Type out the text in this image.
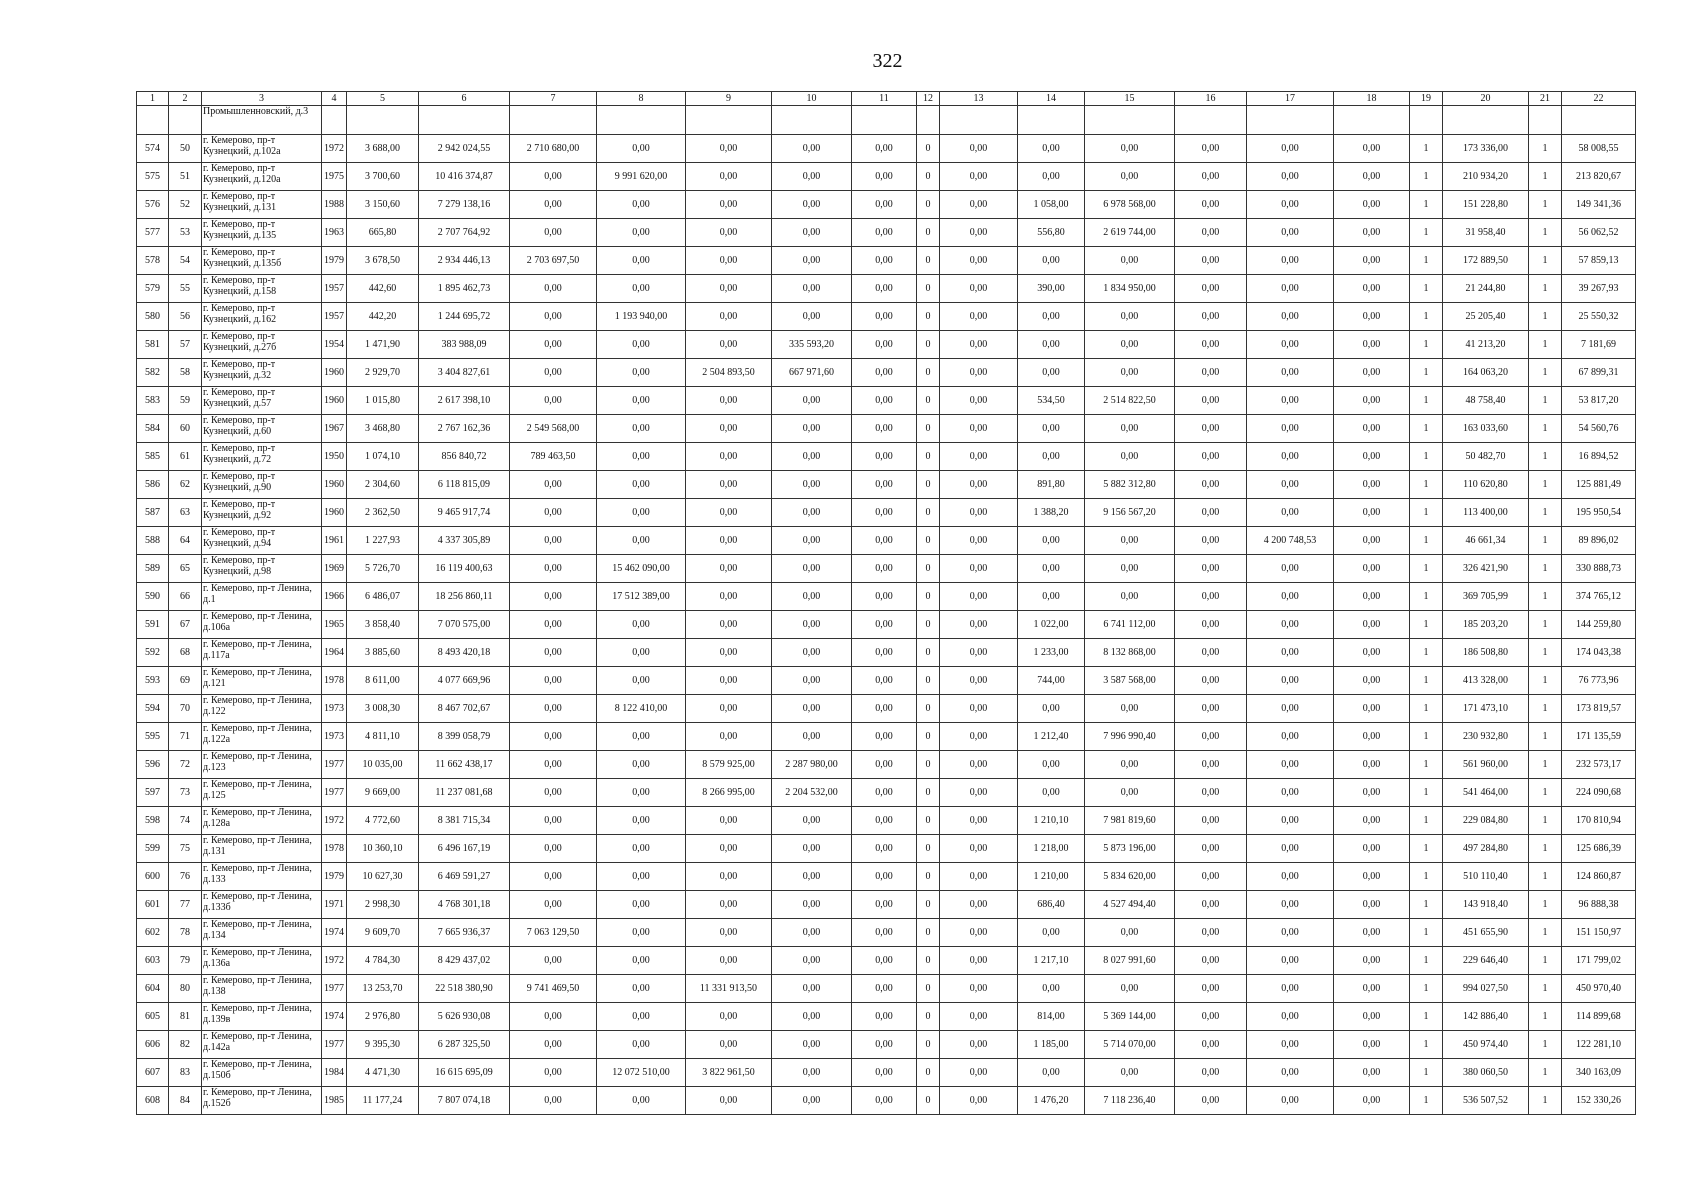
322
1	2	3	4	5	6	7	8	9	10	11	12	13	14	15	16	17	18	19	20	21	22
		Промышленновский, д.3																			
574	50	г. Кемерово, пр-т Кузнецкий, д.102а	1972	3 688,00	2 942 024,55	2 710 680,00	0,00	0,00	0,00	0,00	0	0,00	0,00	0,00	0,00	0,00	0,00	1	173 336,00	1	58 008,55
575	51	г. Кемерово, пр-т Кузнецкий, д.120а	1975	3 700,60	10 416 374,87	0,00	9 991 620,00	0,00	0,00	0,00	0	0,00	0,00	0,00	0,00	0,00	0,00	1	210 934,20	1	213 820,67
576	52	г. Кемерово, пр-т Кузнецкий, д.131	1988	3 150,60	7 279 138,16	0,00	0,00	0,00	0,00	0,00	0	0,00	1 058,00	6 978 568,00	0,00	0,00	0,00	1	151 228,80	1	149 341,36
577	53	г. Кемерово, пр-т Кузнецкий, д.135	1963	665,80	2 707 764,92	0,00	0,00	0,00	0,00	0,00	0	0,00	556,80	2 619 744,00	0,00	0,00	0,00	1	31 958,40	1	56 062,52
578	54	г. Кемерово, пр-т Кузнецкий, д.135б	1979	3 678,50	2 934 446,13	2 703 697,50	0,00	0,00	0,00	0,00	0	0,00	0,00	0,00	0,00	0,00	0,00	1	172 889,50	1	57 859,13
579	55	г. Кемерово, пр-т Кузнецкий, д.158	1957	442,60	1 895 462,73	0,00	0,00	0,00	0,00	0,00	0	0,00	390,00	1 834 950,00	0,00	0,00	0,00	1	21 244,80	1	39 267,93
580	56	г. Кемерово, пр-т Кузнецкий, д.162	1957	442,20	1 244 695,72	0,00	1 193 940,00	0,00	0,00	0,00	0	0,00	0,00	0,00	0,00	0,00	0,00	1	25 205,40	1	25 550,32
581	57	г. Кемерово, пр-т Кузнецкий, д.27б	1954	1 471,90	383 988,09	0,00	0,00	0,00	335 593,20	0,00	0	0,00	0,00	0,00	0,00	0,00	0,00	1	41 213,20	1	7 181,69
582	58	г. Кемерово, пр-т Кузнецкий, д.32	1960	2 929,70	3 404 827,61	0,00	0,00	2 504 893,50	667 971,60	0,00	0	0,00	0,00	0,00	0,00	0,00	0,00	1	164 063,20	1	67 899,31
583	59	г. Кемерово, пр-т Кузнецкий, д.57	1960	1 015,80	2 617 398,10	0,00	0,00	0,00	0,00	0,00	0	0,00	534,50	2 514 822,50	0,00	0,00	0,00	1	48 758,40	1	53 817,20
584	60	г. Кемерово, пр-т Кузнецкий, д.60	1967	3 468,80	2 767 162,36	2 549 568,00	0,00	0,00	0,00	0,00	0	0,00	0,00	0,00	0,00	0,00	0,00	1	163 033,60	1	54 560,76
585	61	г. Кемерово, пр-т Кузнецкий, д.72	1950	1 074,10	856 840,72	789 463,50	0,00	0,00	0,00	0,00	0	0,00	0,00	0,00	0,00	0,00	0,00	1	50 482,70	1	16 894,52
586	62	г. Кемерово, пр-т Кузнецкий, д.90	1960	2 304,60	6 118 815,09	0,00	0,00	0,00	0,00	0,00	0	0,00	891,80	5 882 312,80	0,00	0,00	0,00	1	110 620,80	1	125 881,49
587	63	г. Кемерово, пр-т Кузнецкий, д.92	1960	2 362,50	9 465 917,74	0,00	0,00	0,00	0,00	0,00	0	0,00	1 388,20	9 156 567,20	0,00	0,00	0,00	1	113 400,00	1	195 950,54
588	64	г. Кемерово, пр-т Кузнецкий, д.94	1961	1 227,93	4 337 305,89	0,00	0,00	0,00	0,00	0,00	0	0,00	0,00	0,00	0,00	4 200 748,53	0,00	1	46 661,34	1	89 896,02
589	65	г. Кемерово, пр-т Кузнецкий, д.98	1969	5 726,70	16 119 400,63	0,00	15 462 090,00	0,00	0,00	0,00	0	0,00	0,00	0,00	0,00	0,00	0,00	1	326 421,90	1	330 888,73
590	66	г. Кемерово, пр-т Ленина, д.1	1966	6 486,07	18 256 860,11	0,00	17 512 389,00	0,00	0,00	0,00	0	0,00	0,00	0,00	0,00	0,00	0,00	1	369 705,99	1	374 765,12
591	67	г. Кемерово, пр-т Ленина, д.106а	1965	3 858,40	7 070 575,00	0,00	0,00	0,00	0,00	0,00	0	0,00	1 022,00	6 741 112,00	0,00	0,00	0,00	1	185 203,20	1	144 259,80
592	68	г. Кемерово, пр-т Ленина, д.117а	1964	3 885,60	8 493 420,18	0,00	0,00	0,00	0,00	0,00	0	0,00	1 233,00	8 132 868,00	0,00	0,00	0,00	1	186 508,80	1	174 043,38
593	69	г. Кемерово, пр-т Ленина, д.121	1978	8 611,00	4 077 669,96	0,00	0,00	0,00	0,00	0,00	0	0,00	744,00	3 587 568,00	0,00	0,00	0,00	1	413 328,00	1	76 773,96
594	70	г. Кемерово, пр-т Ленина, д.122	1973	3 008,30	8 467 702,67	0,00	8 122 410,00	0,00	0,00	0,00	0	0,00	0,00	0,00	0,00	0,00	0,00	1	171 473,10	1	173 819,57
595	71	г. Кемерово, пр-т Ленина, д.122а	1973	4 811,10	8 399 058,79	0,00	0,00	0,00	0,00	0,00	0	0,00	1 212,40	7 996 990,40	0,00	0,00	0,00	1	230 932,80	1	171 135,59
596	72	г. Кемерово, пр-т Ленина, д.123	1977	10 035,00	11 662 438,17	0,00	0,00	8 579 925,00	2 287 980,00	0,00	0	0,00	0,00	0,00	0,00	0,00	0,00	1	561 960,00	1	232 573,17
597	73	г. Кемерово, пр-т Ленина, д.125	1977	9 669,00	11 237 081,68	0,00	0,00	8 266 995,00	2 204 532,00	0,00	0	0,00	0,00	0,00	0,00	0,00	0,00	1	541 464,00	1	224 090,68
598	74	г. Кемерово, пр-т Ленина, д.128а	1972	4 772,60	8 381 715,34	0,00	0,00	0,00	0,00	0,00	0	0,00	1 210,10	7 981 819,60	0,00	0,00	0,00	1	229 084,80	1	170 810,94
599	75	г. Кемерово, пр-т Ленина, д.131	1978	10 360,10	6 496 167,19	0,00	0,00	0,00	0,00	0,00	0	0,00	1 218,00	5 873 196,00	0,00	0,00	0,00	1	497 284,80	1	125 686,39
600	76	г. Кемерово, пр-т Ленина, д.133	1979	10 627,30	6 469 591,27	0,00	0,00	0,00	0,00	0,00	0	0,00	1 210,00	5 834 620,00	0,00	0,00	0,00	1	510 110,40	1	124 860,87
601	77	г. Кемерово, пр-т Ленина, д.133б	1971	2 998,30	4 768 301,18	0,00	0,00	0,00	0,00	0,00	0	0,00	686,40	4 527 494,40	0,00	0,00	0,00	1	143 918,40	1	96 888,38
602	78	г. Кемерово, пр-т Ленина, д.134	1974	9 609,70	7 665 936,37	7 063 129,50	0,00	0,00	0,00	0,00	0	0,00	0,00	0,00	0,00	0,00	0,00	1	451 655,90	1	151 150,97
603	79	г. Кемерово, пр-т Ленина, д.136а	1972	4 784,30	8 429 437,02	0,00	0,00	0,00	0,00	0,00	0	0,00	1 217,10	8 027 991,60	0,00	0,00	0,00	1	229 646,40	1	171 799,02
604	80	г. Кемерово, пр-т Ленина, д.138	1977	13 253,70	22 518 380,90	9 741 469,50	0,00	11 331 913,50	0,00	0,00	0	0,00	0,00	0,00	0,00	0,00	0,00	1	994 027,50	1	450 970,40
605	81	г. Кемерово, пр-т Ленина, д.139в	1974	2 976,80	5 626 930,08	0,00	0,00	0,00	0,00	0,00	0	0,00	814,00	5 369 144,00	0,00	0,00	0,00	1	142 886,40	1	114 899,68
606	82	г. Кемерово, пр-т Ленина, д.142а	1977	9 395,30	6 287 325,50	0,00	0,00	0,00	0,00	0,00	0	0,00	1 185,00	5 714 070,00	0,00	0,00	0,00	1	450 974,40	1	122 281,10
607	83	г. Кемерово, пр-т Ленина, д.150б	1984	4 471,30	16 615 695,09	0,00	12 072 510,00	3 822 961,50	0,00	0,00	0	0,00	0,00	0,00	0,00	0,00	0,00	1	380 060,50	1	340 163,09
608	84	г. Кемерово, пр-т Ленина, д.152б	1985	11 177,24	7 807 074,18	0,00	0,00	0,00	0,00	0,00	0	0,00	1 476,20	7 118 236,40	0,00	0,00	0,00	1	536 507,52	1	152 330,26
